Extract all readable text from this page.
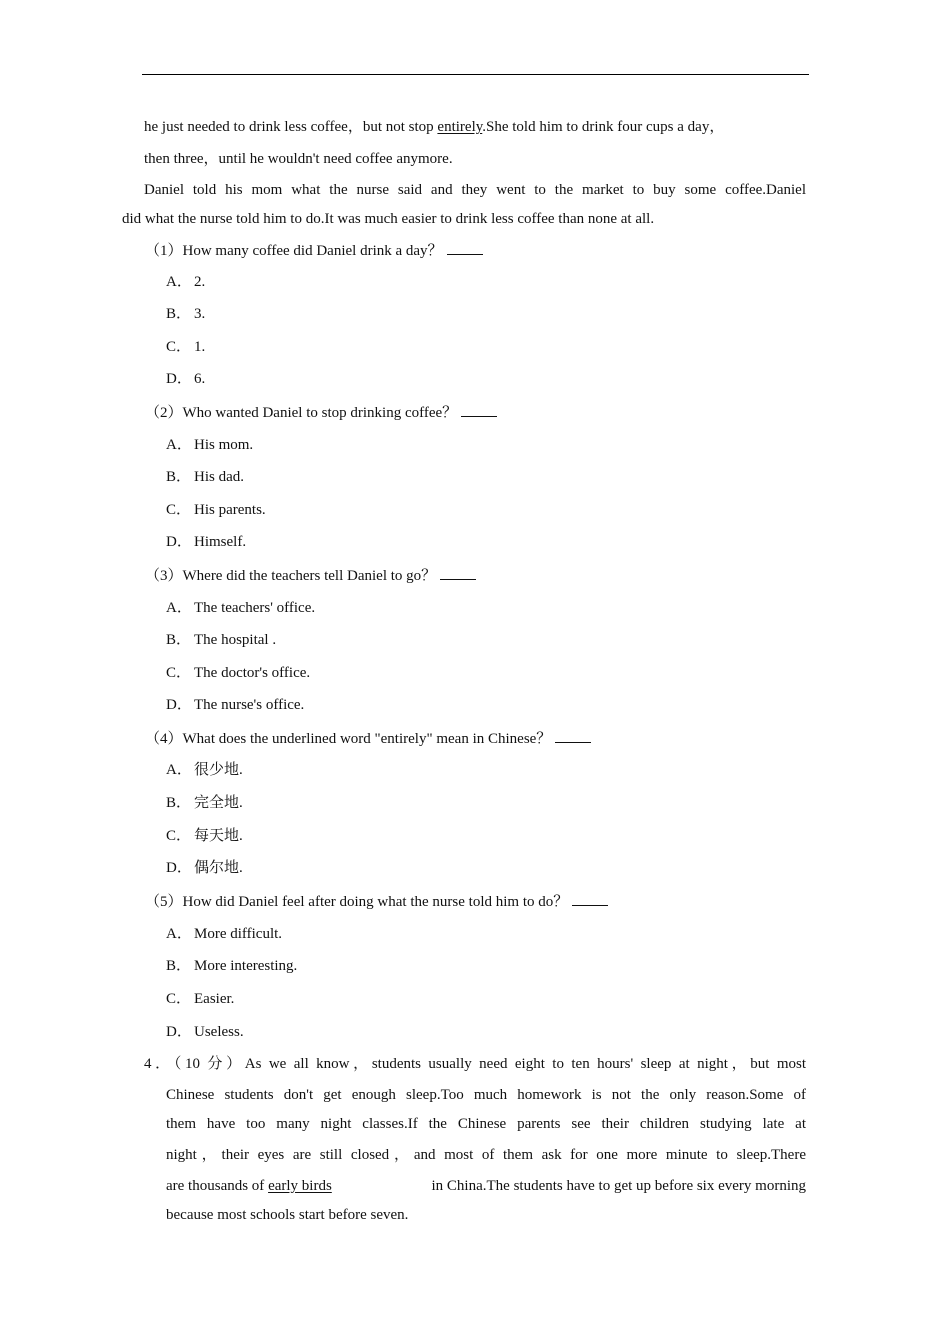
he just needed to drink less coffee，but not stop entirely.She told him to drink four cups a day，
then three，until he wouldn't need coffee anymore.
Daniel told his mom what the nurse said and they went to the market to buy some coffee.Daniel
did what the nurse told him to do.It was much easier to drink less coffee than none at all.
（1）How many coffee did Daniel drink a day？
A． 2.
B． 3.
C． 1.
D． 6.
（2）Who wanted Daniel to stop drinking coffee？
A． His mom.
B． His dad.
C． His parents.
D． Himself.
（3）Where did the teachers tell Daniel to go？
A． The teachers' office.
B． The hospital .
C． The doctor's office.
D． The nurse's office.
（4）What does the underlined word "entirely" mean in Chinese？
A． 很少地.
B． 完全地.
C． 每天地.
D． 偶尔地.
（5）How did Daniel feel after doing what the nurse told him to do？
A． More difficult.
B． More interesting.
C． Easier.
D． Useless.
4．（10 分）As we all know，students usually need eight to ten hours' sleep at night，but most
Chinese students don't get enough sleep.Too much homework is not the only reason.Some of
them have too many night classes.If the Chinese parents see their children studying late at
night，their eyes are still closed，and most of them ask for one more minute to sleep.There
are thousands of early birds	in China.The students have to get up before six every morning
because most schools start before seven.
